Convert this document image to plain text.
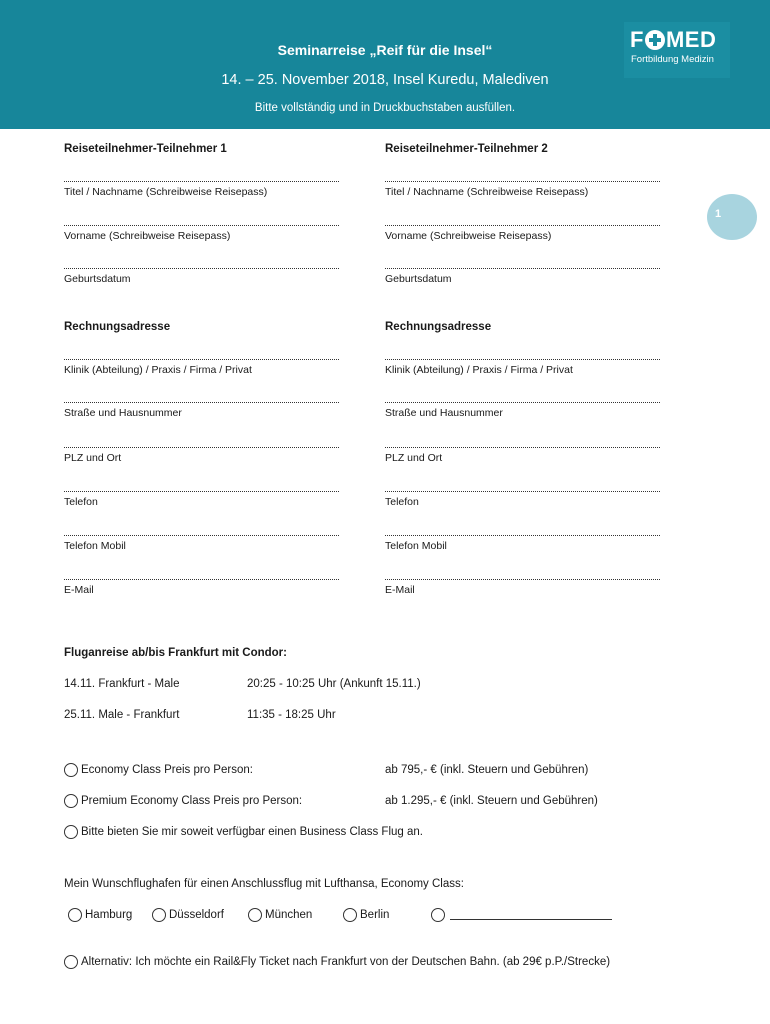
Seminarreise „Reif für die Insel“
14. – 25. November 2018, Insel Kuredu, Malediven
Bitte vollständig und in Druckbuchstaben ausfüllen.
F MED
Fortbildung Medizin
1
Reiseteilnehmer-Teilnehmer 1
Titel / Nachname (Schreibweise Reisepass)
Vorname (Schreibweise Reisepass)
Geburtsdatum
Rechnungsadresse
Klinik (Abteilung) / Praxis / Firma / Privat
Straße und Hausnummer
PLZ und Ort
Telefon
Telefon Mobil
E-Mail
Reiseteilnehmer-Teilnehmer 2
Titel / Nachname (Schreibweise Reisepass)
Vorname (Schreibweise Reisepass)
Geburtsdatum
Rechnungsadresse
Klinik (Abteilung) / Praxis / Firma / Privat
Straße und Hausnummer
PLZ und Ort
Telefon
Telefon Mobil
E-Mail
Fluganreise ab/bis Frankfurt mit Condor:
14.11. Frankfurt - Male	20:25 - 10:25 Uhr (Ankunft 15.11.)
25.11. Male - Frankfurt	11:35 - 18:25 Uhr
Economy Class Preis pro Person:	ab 795,- € (inkl. Steuern und Gebühren)
Premium Economy Class Preis pro Person:	ab 1.295,- € (inkl. Steuern und Gebühren)
Bitte bieten Sie mir soweit verfügbar einen Business Class Flug an.
Mein Wunschflughafen für einen Anschlussflug mit Lufthansa, Economy Class:
Hamburg	Düsseldorf	München	Berlin
Alternativ: Ich möchte ein Rail&Fly Ticket nach Frankfurt von der Deutschen Bahn. (ab 29€ p.P./Strecke)
